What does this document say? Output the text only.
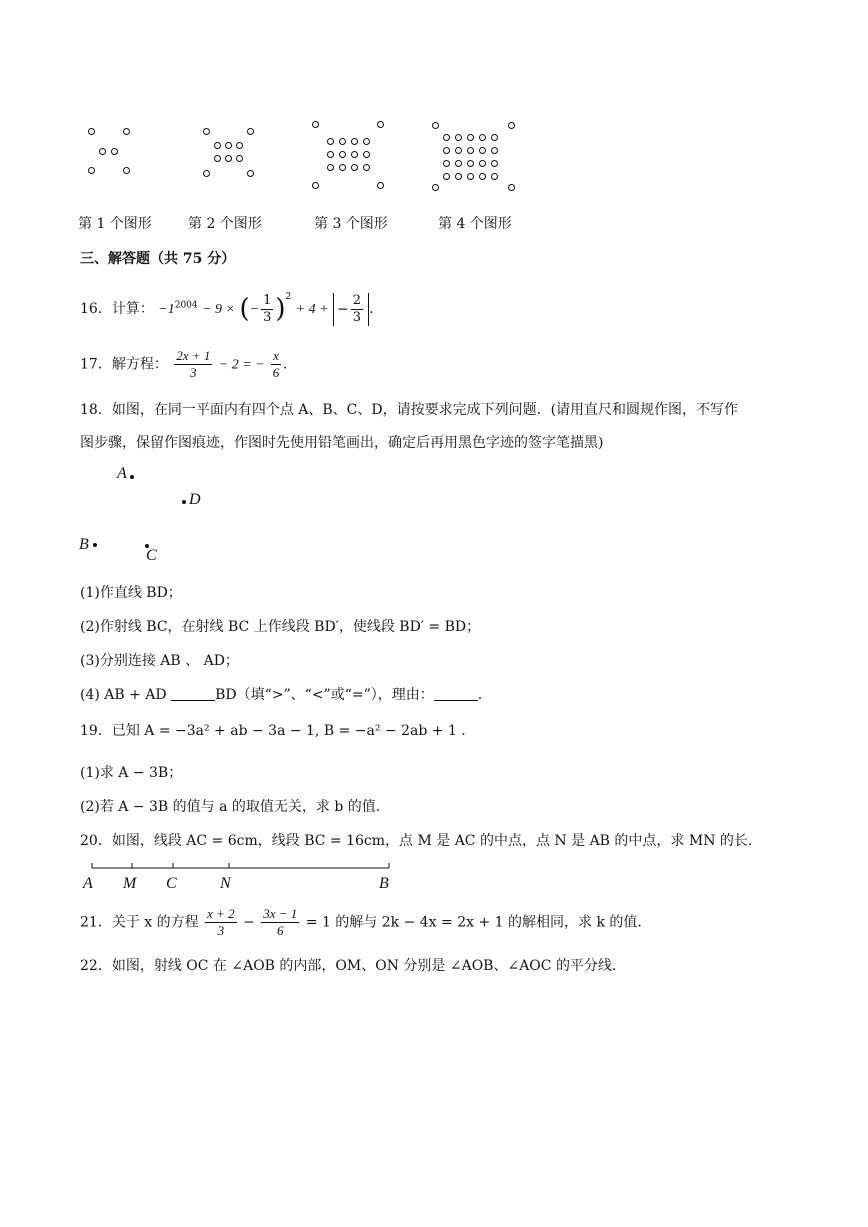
第 1 个图形	第 2 个图形	第 3 个图形	第 4 个图形
三、解答题（共 75 分）
16．计算： $-1^{2004} - 9$ × (− $\frac{1}{3} )^2 + 4$ + − $\frac{2}{3}$ .
17．解方程： $\frac{2x + 1}{3} - 2$ = − $\frac{x}{6}$ .
18．如图，在同一平面内有四个点 A、B、C、D，请按要求完成下列问题．(请用直尺和圆规作图，不写作
图步骤，保留作图痕迹，作图时先使用铅笔画出，确定后再用黑色字迹的签字笔描黑)
A
D
B
C
(1)作直线 BD；
(2)作射线 BC，在射线 BC 上作线段 BD′，使线段 BD′ = BD；
(3)分别连接 AB 、 AD；
(4) AB + AD	BD（填“>”、“<”或“=”），理由：	.
19．已知 A = −3a² + ab − 3a − 1, B = −a² − 2ab + 1 .
(1)求 A − 3B；
(2)若 A − 3B 的值与 a 的取值无关，求 b 的值.
20．如图，线段 AC = 6cm，线段 BC = 16cm，点 M 是 AC 的中点，点 N 是 AB 的中点，求 MN 的长.
A M C	N	B
21．关于 x 的方程 $\frac{x + 2}{3} - \frac{3x - 1}{6} = 1$ 的解与 2k − 4x = 2x + 1 的解相同，求 k 的值.
22．如图，射线 OC 在 ∠AOB 的内部，OM、ON 分别是 ∠AOB、∠AOC 的平分线.
